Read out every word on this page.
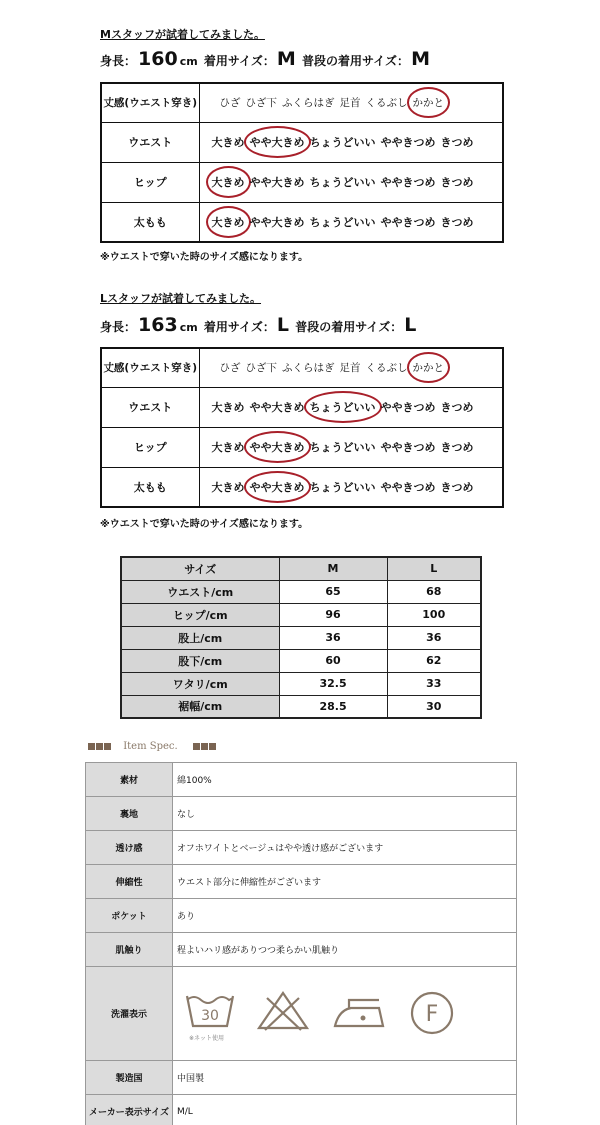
Mスタッフが試着してみました。
身長： 160 cm 着用サイズ： M 普段の着用サイズ： M
丈感(ウエスト穿き)	ひざ ひざ下 ふくらはぎ 足首 くるぶし かかと
ウエスト	大きめ やや大きめ ちょうどいい ややきつめ きつめ
ヒップ	大きめ やや大きめ ちょうどいい ややきつめ きつめ
太もも	大きめ やや大きめ ちょうどいい ややきつめ きつめ
※ウエストで穿いた時のサイズ感になります。
Lスタッフが試着してみました。
身長： 163 cm 着用サイズ： L 普段の着用サイズ： L
丈感(ウエスト穿き)	ひざ ひざ下 ふくらはぎ 足首 くるぶし かかと
ウエスト	大きめ やや大きめ ちょうどいい ややきつめ きつめ
ヒップ	大きめ やや大きめ ちょうどいい ややきつめ きつめ
太もも	大きめ やや大きめ ちょうどいい ややきつめ きつめ
※ウエストで穿いた時のサイズ感になります。
サイズ	M	L
ウエスト/cm	65	68
ヒップ/cm	96	100
股上/cm	36	36
股下/cm	60	62
ワタリ/cm	32.5	33
裾幅/cm	28.5	30
Item Spec.
素材	綿100%
裏地	なし
透け感	オフホワイトとベージュはやや透け感がございます
伸縮性	ウエスト部分に伸縮性がございます
ポケット	あり
肌触り	程よいハリ感がありつつ柔らかい肌触り
洗濯表示	30
※ネット使用
F

製造国	中国製
メーカー表示サイズ	M/L
